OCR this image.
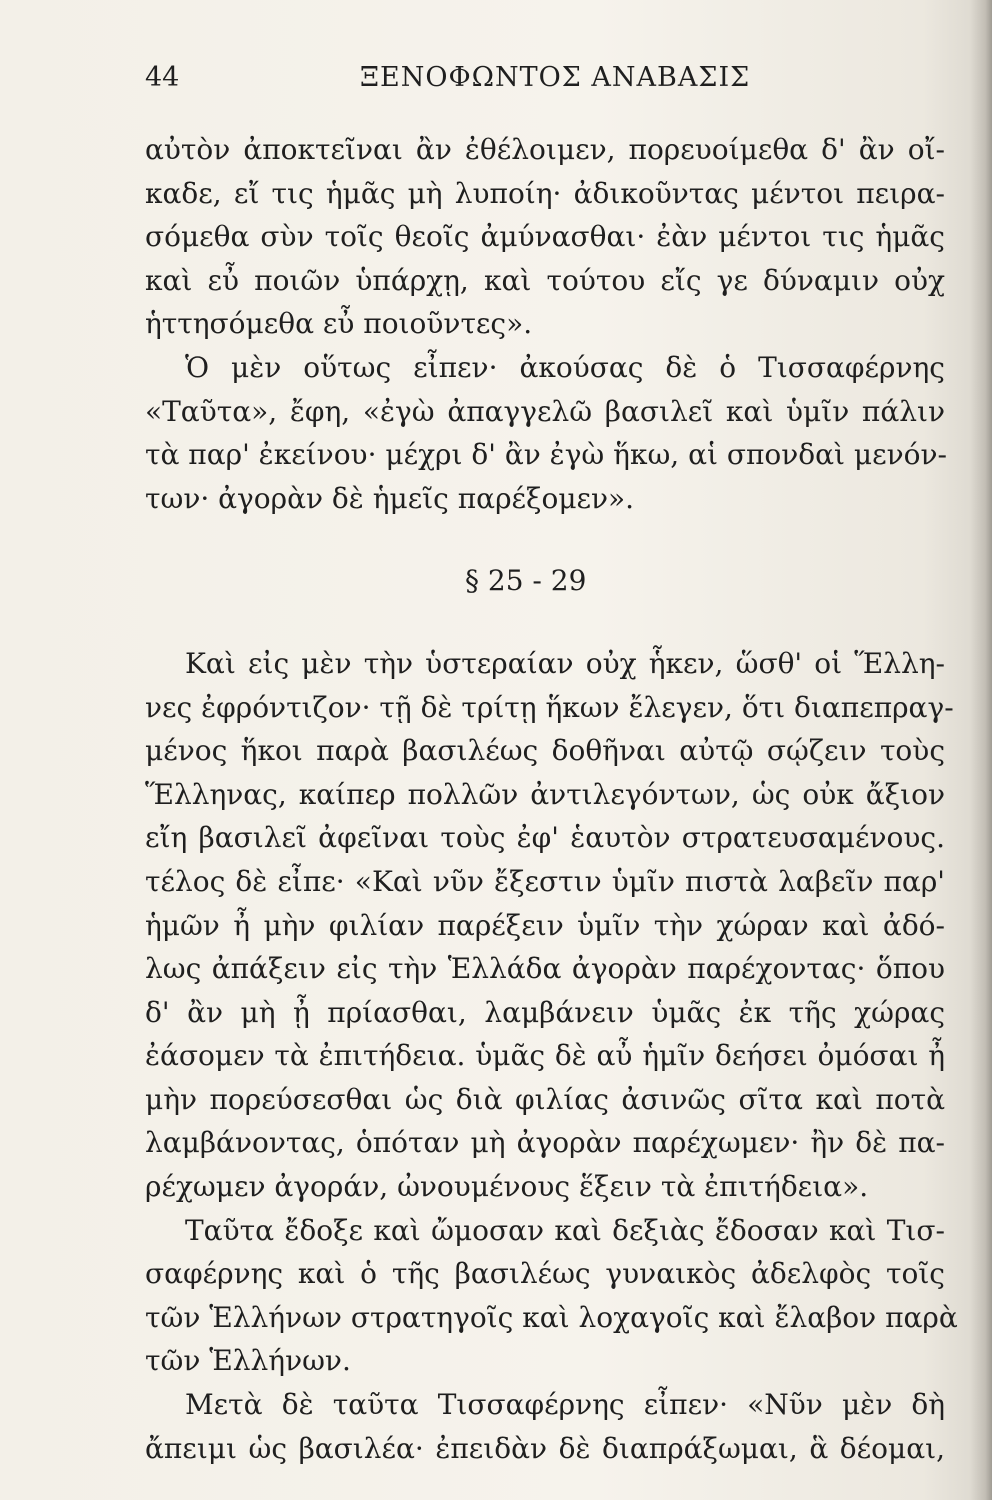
44	ΞΕΝΟΦΩΝΤΟΣ ΑΝΑΒΑΣΙΣ
αὐτὸν ἀποκτεῖναι ἂν ἐθέλοιμεν, πορευοίμεθα δ' ἂν οἴ-
καδε, εἴ τις ἡμᾶς μὴ λυποίη· ἀδικοῦντας μέντοι πειρα-
σόμεθα σὺν τοῖς θεοῖς ἀμύνασθαι· ἐὰν μέντοι τις ἡμᾶς
καὶ εὖ ποιῶν ὑπάρχῃ, καὶ τούτου εἴς γε δύναμιν οὐχ
ἡττησόμεθα εὖ ποιοῦντες».
Ὁ μὲν οὕτως εἶπεν· ἀκούσας δὲ ὁ Τισσαφέρνης
«Ταῦτα», ἔφη, «ἐγὼ ἀπαγγελῶ βασιλεῖ καὶ ὑμῖν πάλιν
τὰ παρ' ἐκείνου· μέχρι δ' ἂν ἐγὼ ἥκω, αἱ σπονδαὶ μενόν-
των· ἀγορὰν δὲ ἡμεῖς παρέξομεν».
§ 25 - 29
Καὶ εἰς μὲν τὴν ὑστεραίαν οὐχ ἧκεν, ὥσθ' οἱ Ἕλλη-
νες ἐφρόντιζον· τῇ δὲ τρίτῃ ἥκων ἔλεγεν, ὅτι διαπεπραγ-
μένος ἥκοι παρὰ βασιλέως δοθῆναι αὐτῷ σῴζειν τοὺς
Ἕλληνας, καίπερ πολλῶν ἀντιλεγόντων, ὡς οὐκ ἄξιον
εἴη βασιλεῖ ἀφεῖναι τοὺς ἐφ' ἑαυτὸν στρατευσαμένους.
τέλος δὲ εἶπε· «Καὶ νῦν ἔξεστιν ὑμῖν πιστὰ λαβεῖν παρ'
ἡμῶν ἦ μὴν φιλίαν παρέξειν ὑμῖν τὴν χώραν καὶ ἀδό-
λως ἀπάξειν εἰς τὴν Ἑλλάδα ἀγορὰν παρέχοντας· ὅπου
δ' ἂν μὴ ᾖ πρίασθαι, λαμβάνειν ὑμᾶς ἐκ τῆς χώρας
ἐάσομεν τὰ ἐπιτήδεια. ὑμᾶς δὲ αὖ ἡμῖν δεήσει ὀμόσαι ἦ
μὴν πορεύσεσθαι ὡς διὰ φιλίας ἀσινῶς σῖτα καὶ ποτὰ
λαμβάνοντας, ὁπόταν μὴ ἀγορὰν παρέχωμεν· ἢν δὲ πα-
ρέχωμεν ἀγοράν, ὠνουμένους ἕξειν τὰ ἐπιτήδεια».
Ταῦτα ἔδοξε καὶ ὤμοσαν καὶ δεξιὰς ἔδοσαν καὶ Τισ-
σαφέρνης καὶ ὁ τῆς βασιλέως γυναικὸς ἀδελφὸς τοῖς
τῶν Ἑλλήνων στρατηγοῖς καὶ λοχαγοῖς καὶ ἔλαβον παρὰ
τῶν Ἑλλήνων.
Μετὰ δὲ ταῦτα Τισσαφέρνης εἶπεν· «Νῦν μὲν δὴ
ἄπειμι ὡς βασιλέα· ἐπειδὰν δὲ διαπράξωμαι, ἃ δέομαι,
